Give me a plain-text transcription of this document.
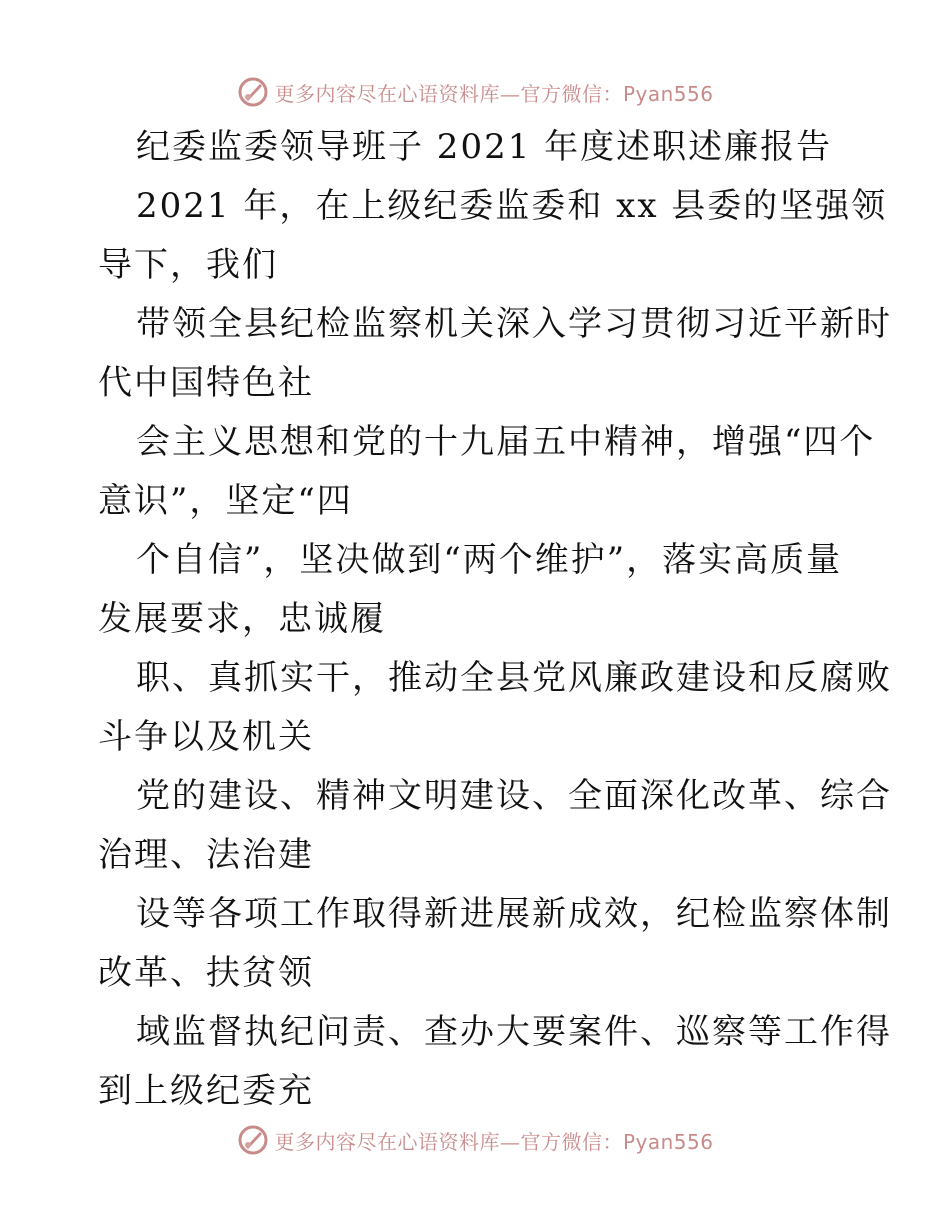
更多内容尽在心语资料库—官方微信：Pyan556
纪委监委领导班子 2021 年度述职述廉报告
2021 年，在上级纪委监委和 xx 县委的坚强领
导下，我们
带领全县纪检监察机关深入学习贯彻习近平新时
代中国特色社
会主义思想和党的十九届五中精神，增强“四个
意识”，坚定“四
个自信”，坚决做到“两个维护”，落实高质量
发展要求，忠诚履
职、真抓实干，推动全县党风廉政建设和反腐败
斗争以及机关
党的建设、精神文明建设、全面深化改革、综合
治理、法治建
设等各项工作取得新进展新成效，纪检监察体制
改革、扶贫领
域监督执纪问责、查办大要案件、巡察等工作得
到上级纪委充
更多内容尽在心语资料库—官方微信：Pyan556
